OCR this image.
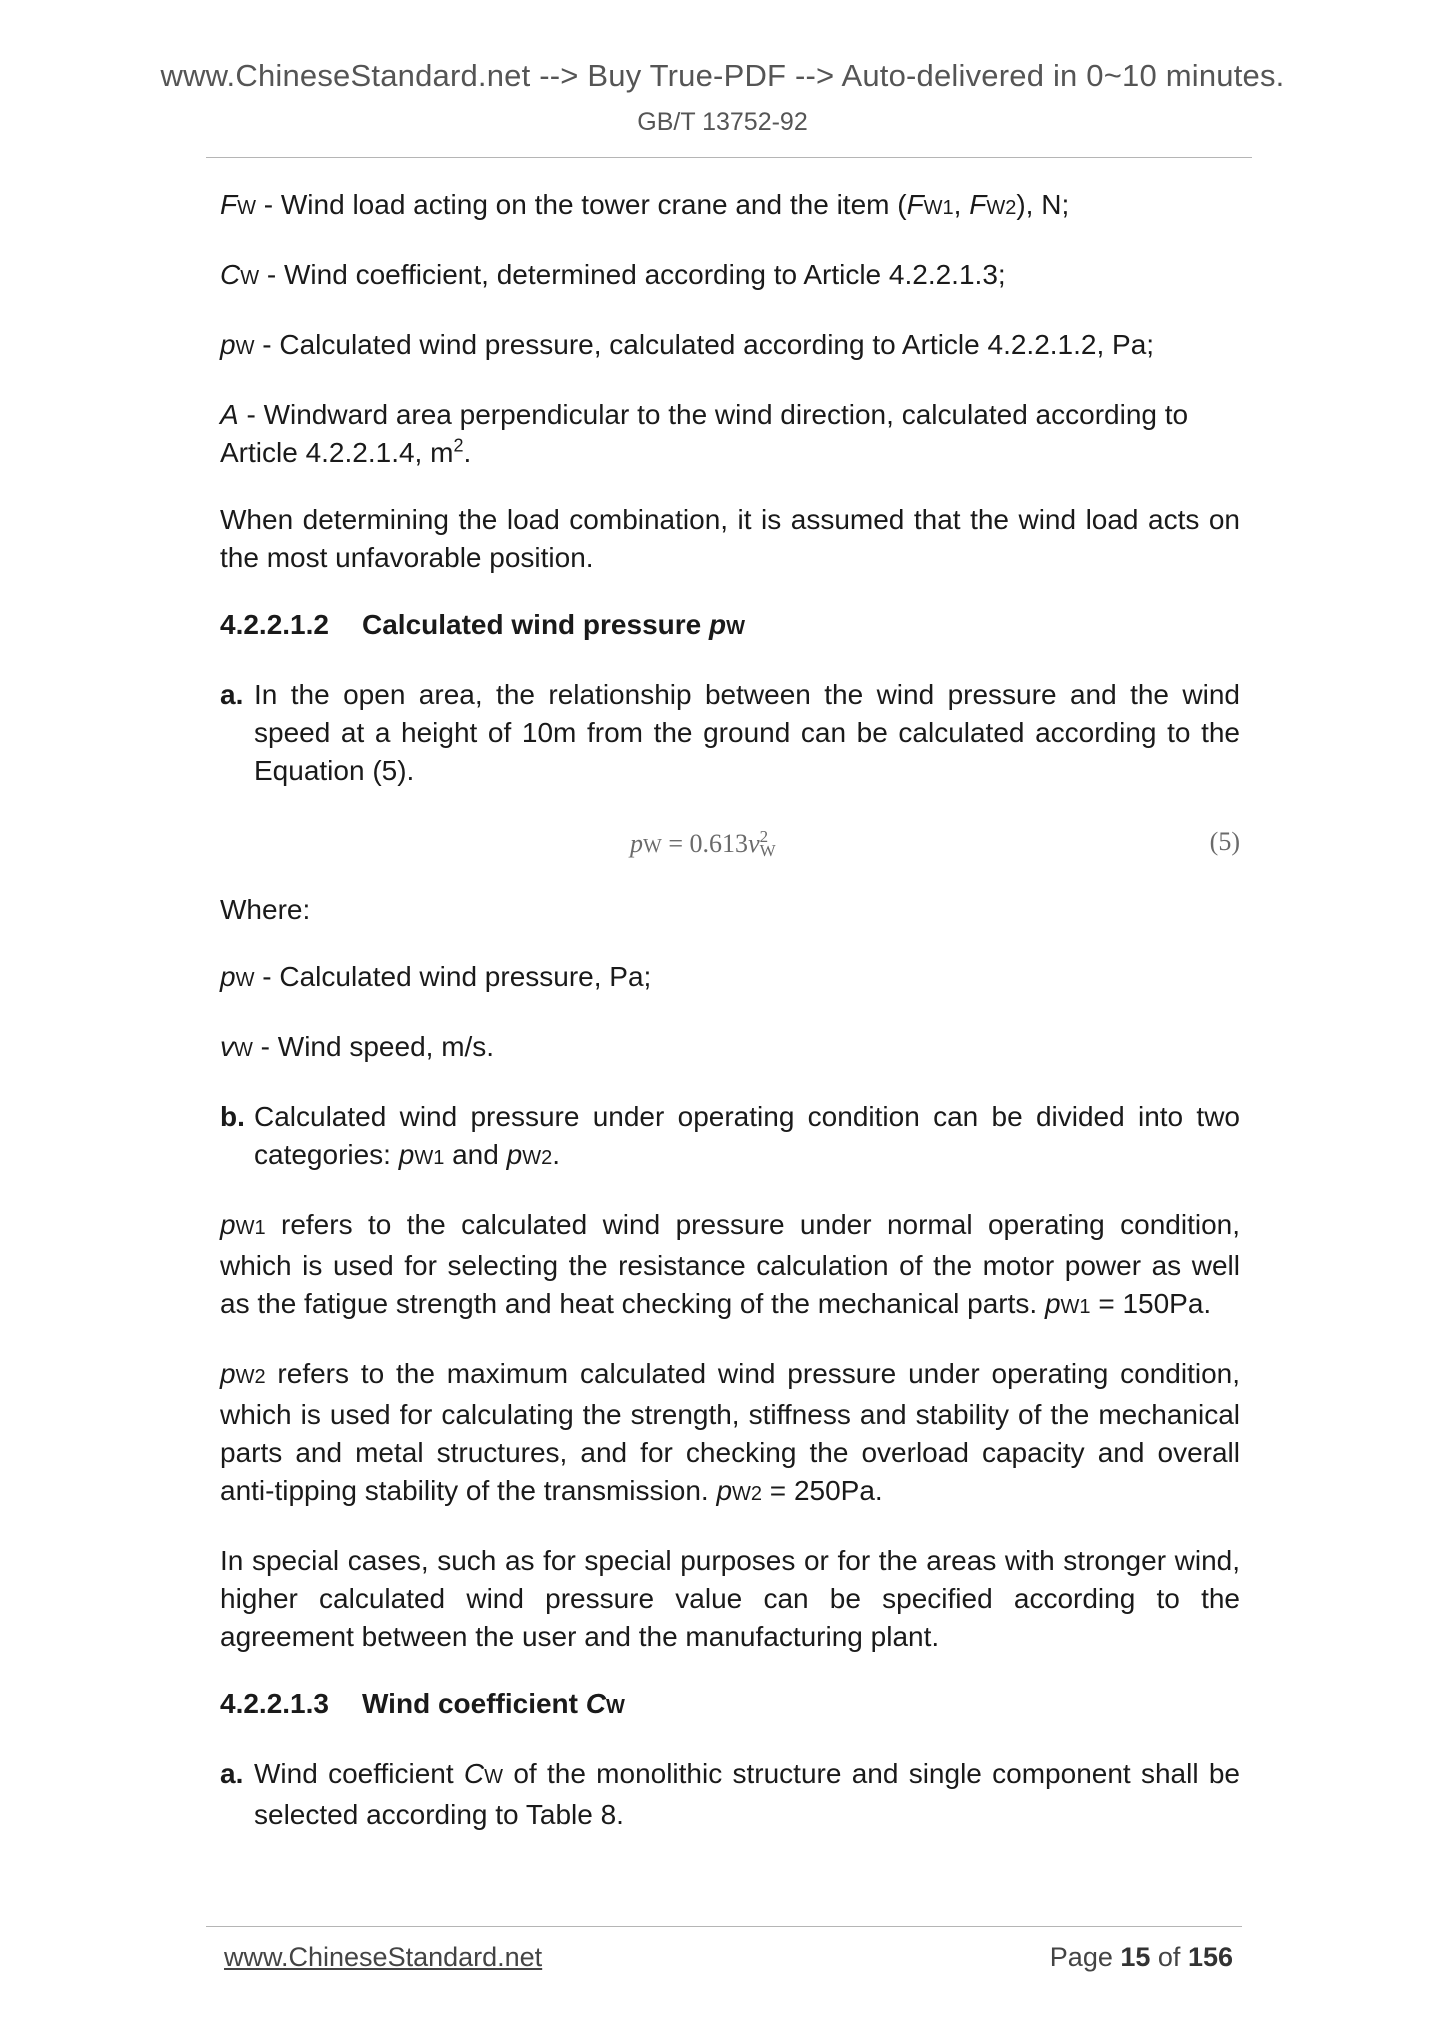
www.ChineseStandard.net --> Buy True-PDF --> Auto-delivered in 0~10 minutes.
GB/T 13752-92

FW - Wind load acting on the tower crane and the item (FW1, FW2), N;

CW - Wind coefficient, determined according to Article 4.2.2.1.3;

pW - Calculated wind pressure, calculated according to Article 4.2.2.1.2, Pa;

A - Windward area perpendicular to the wind direction, calculated according to Article 4.2.2.1.4, $m^2$.

When determining the load combination, it is assumed that the wind load acts on the most unfavorable position.

4.2.2.1.2 Calculated wind pressure pW
a. In the open area, the relationship between the wind pressure and the wind speed at a height of 10m from the ground can be calculated according to the Equation (5).
pW = 0.613v 2
W	(5)

Where:

pW - Calculated wind pressure, Pa;

vW - Wind speed, m/s.

b. Calculated wind pressure under operating condition can be divided into two categories: pW1 and pW2.

pW1 refers to the calculated wind pressure under normal operating condition, which is used for selecting the resistance calculation of the motor power as well as the fatigue strength and heat checking of the mechanical parts. pW1 = 150Pa.

pW2 refers to the maximum calculated wind pressure under operating condition, which is used for calculating the strength, stiffness and stability of the mechanical parts and metal structures, and for checking the overload capacity and overall anti-tipping stability of the transmission. pW2 = 250Pa.

In special cases, such as for special purposes or for the areas with stronger wind, higher calculated wind pressure value can be specified according to the agreement between the user and the manufacturing plant.

4.2.2.1.3 Wind coefficient CW
a. Wind coefficient CW of the monolithic structure and single component shall be selected according to Table 8.
www.ChineseStandard.net	Page 15 of 156
